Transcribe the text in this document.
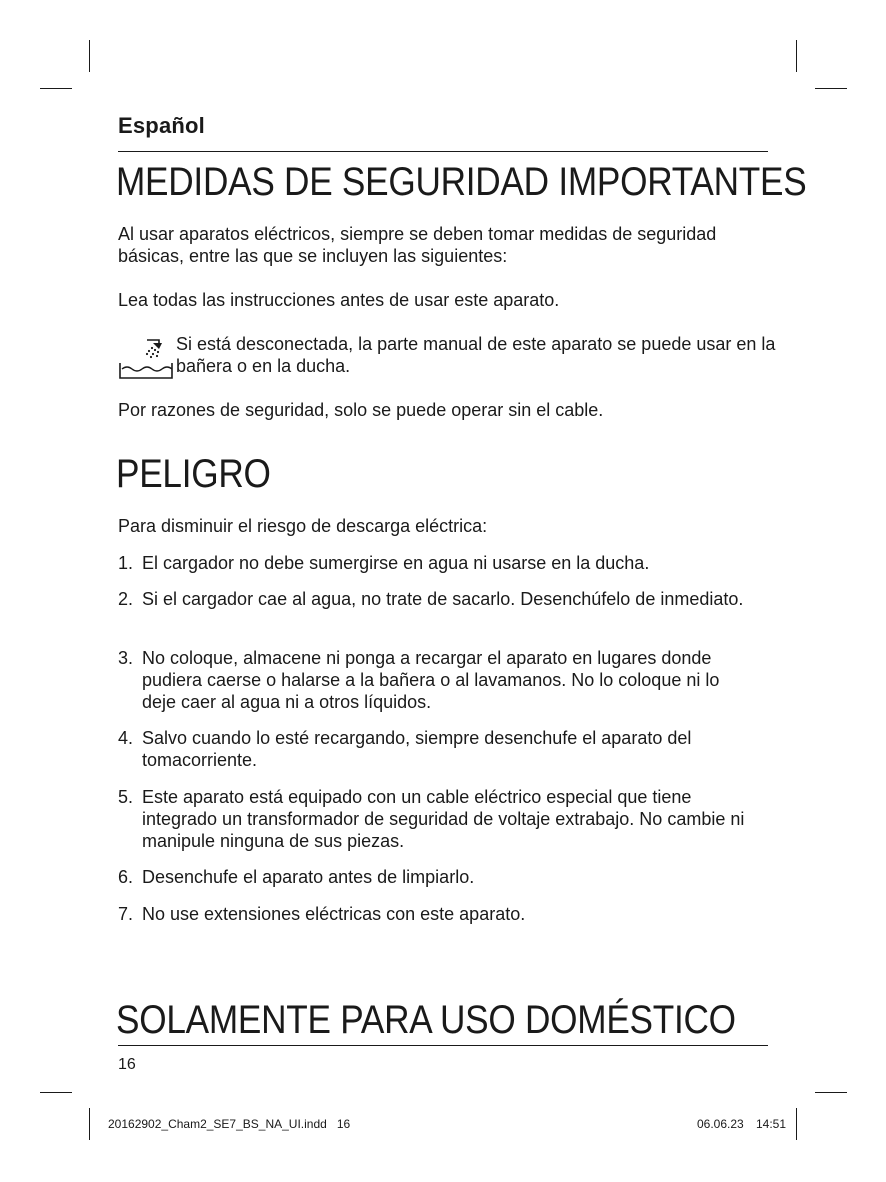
Español
MEDIDAS DE SEGURIDAD IMPORTANTES
Al usar aparatos eléctricos, siempre se deben tomar medidas de seguridad básicas, entre las que se incluyen las siguientes:
Lea todas las instrucciones antes de usar este aparato.
Si está desconectada, la parte manual de este aparato se puede usar en la bañera o en la ducha.
Por razones de seguridad, solo se puede operar sin el cable.
PELIGRO
Para disminuir el riesgo de descarga eléctrica:
1. El cargador no debe sumergirse en agua ni usarse en la ducha.
2. Si el cargador cae al agua, no trate de sacarlo. Desenchúfelo de inmediato.
3. No coloque, almacene ni ponga a recargar el aparato en lugares donde pudiera caerse o halarse a la bañera o al lavamanos. No lo coloque ni lo deje caer al agua ni a otros líquidos.
4. Salvo cuando lo esté recargando, siempre desenchufe el aparato del tomacorriente.
5. Este aparato está equipado con un cable eléctrico especial que tiene integrado un transformador de seguridad de voltaje extrabajo. No cambie ni manipule ninguna de sus piezas.
6. Desenchufe el aparato antes de limpiarlo.
7. No use extensiones eléctricas con este aparato.
SOLAMENTE PARA USO DOMÉSTICO
16
20162902_Cham2_SE7_BS_NA_UI.indd   16	06.06.23 14:51
